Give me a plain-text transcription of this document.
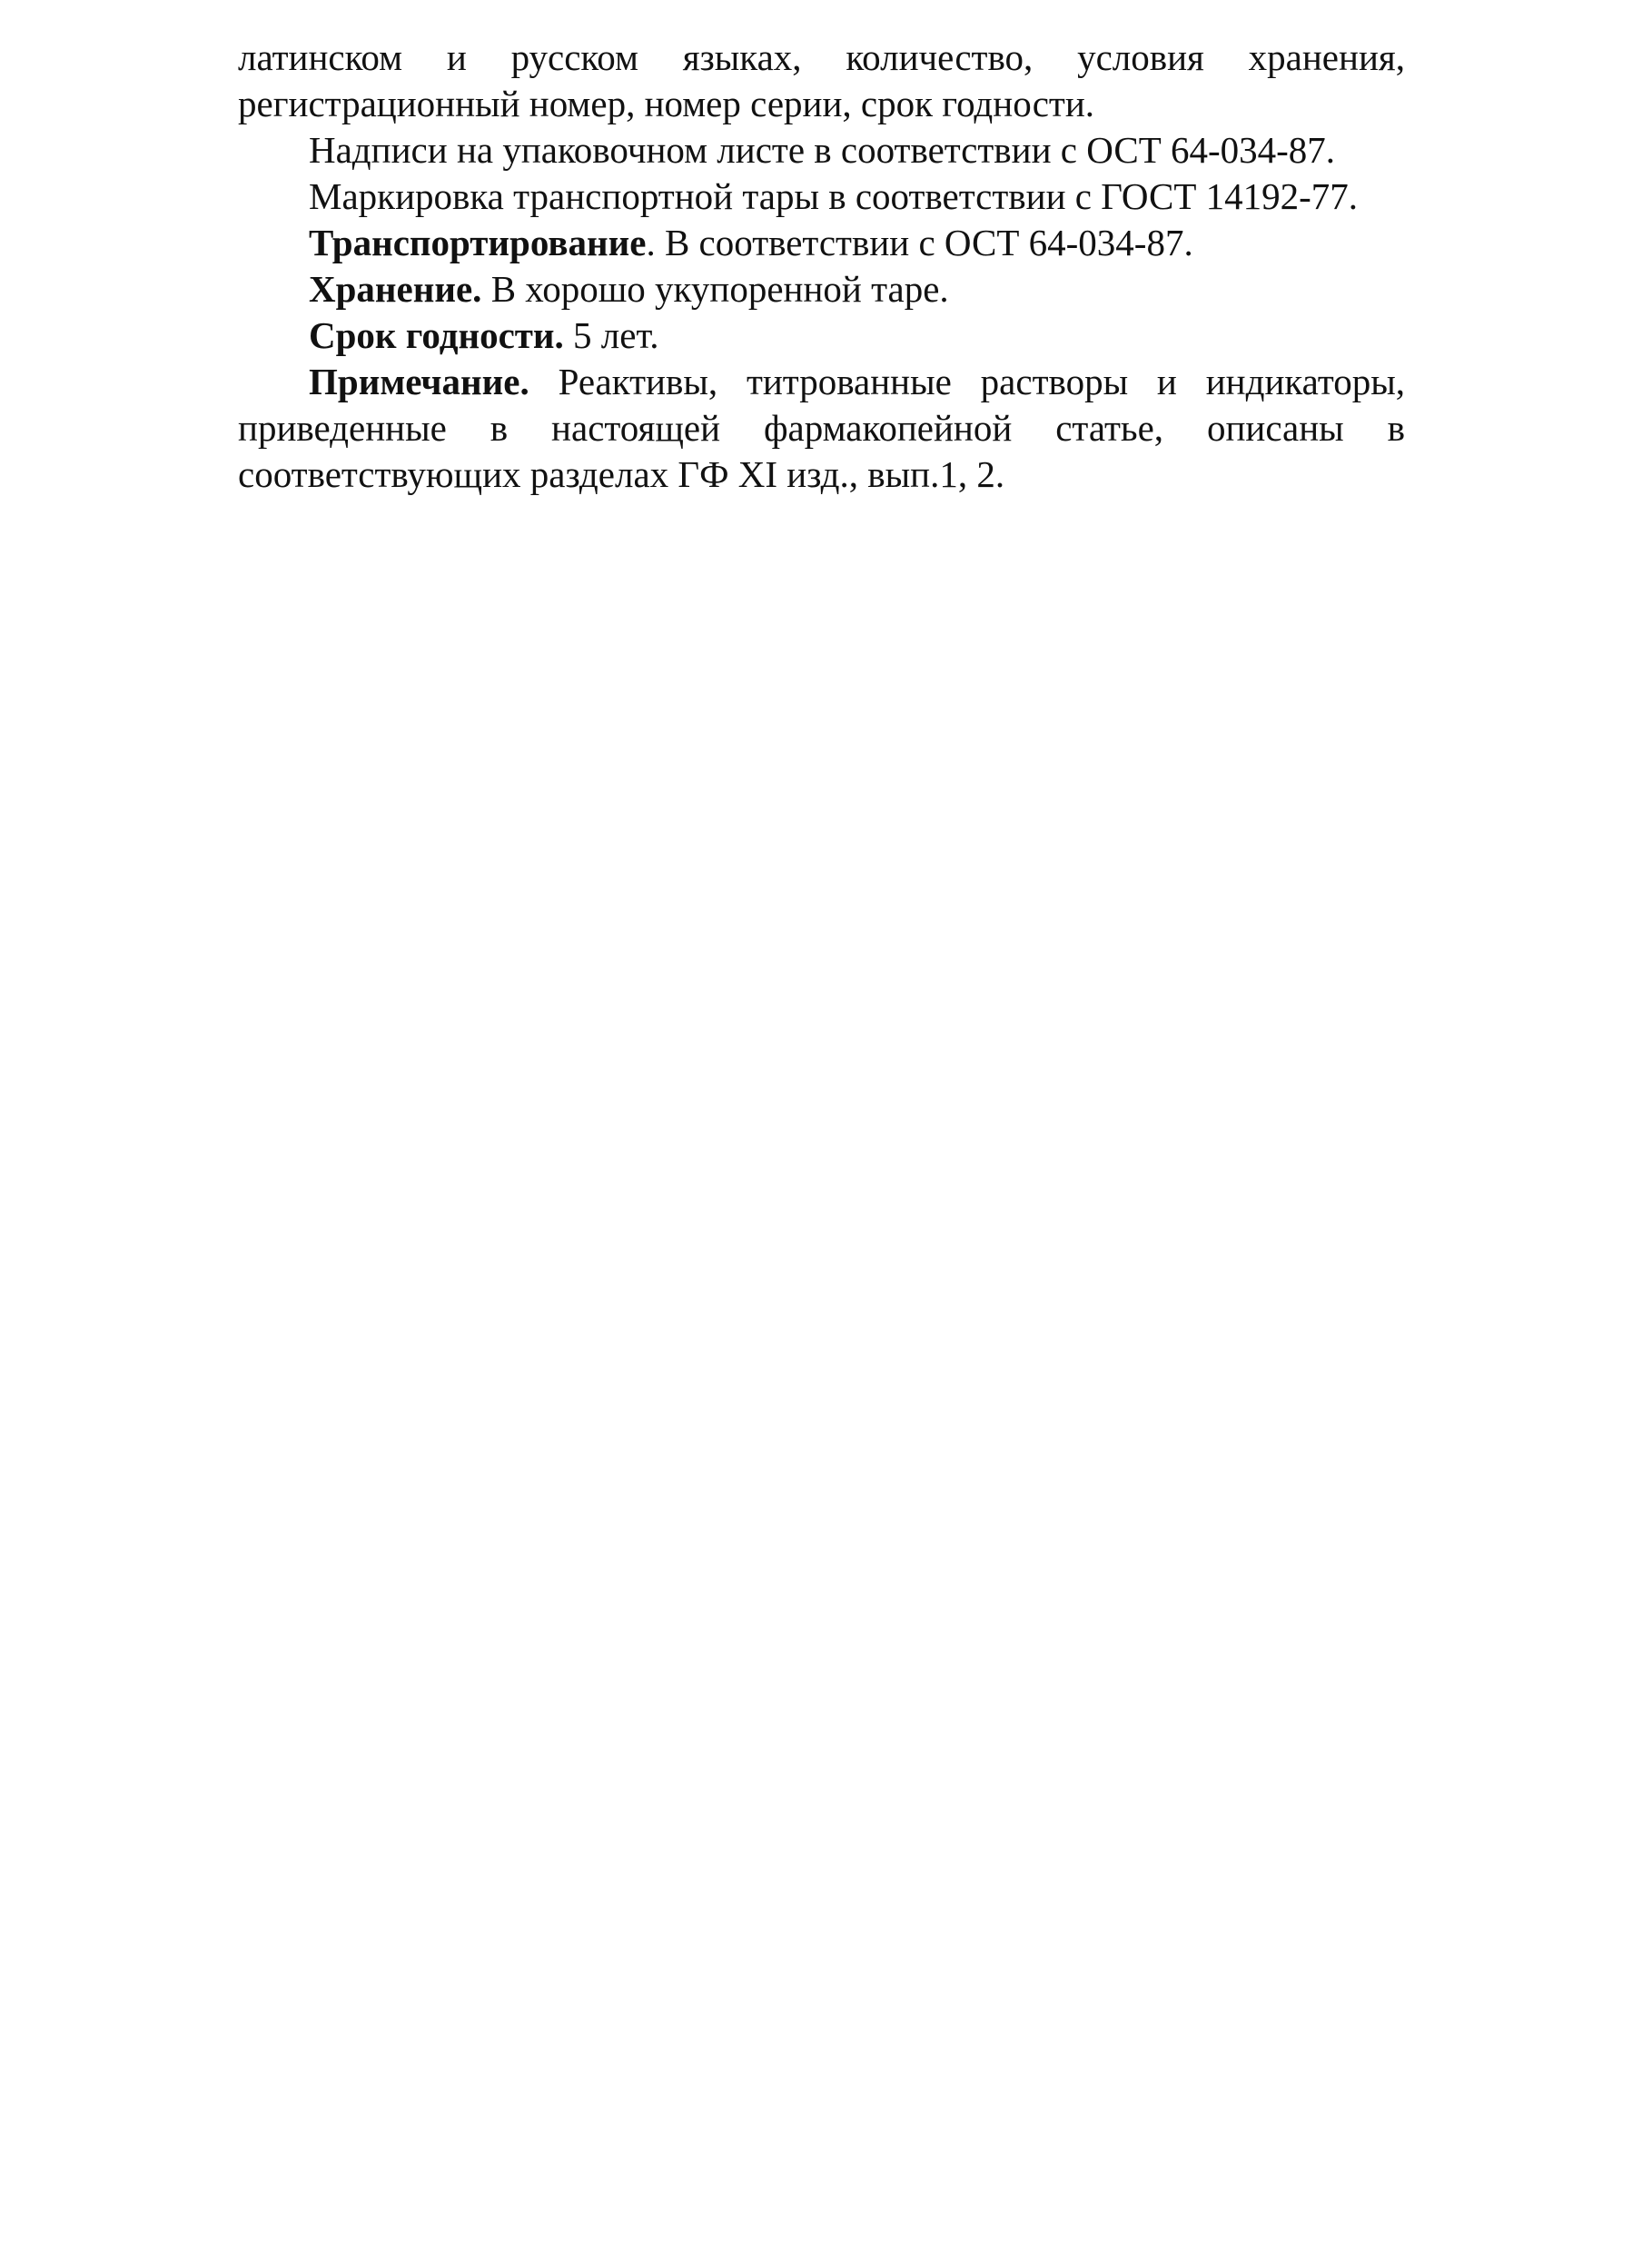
латинском и русском языках, количество, условия хранения, регистрационный номер, номер серии, срок годности.

Надписи на упаковочном листе в соответствии с ОСТ 64-034-87.

Маркировка транспортной тары в соответствии с ГОСТ 14192-77.

Транспортирование. В соответствии с ОСТ 64-034-87.

Хранение. В хорошо укупоренной таре.

Срок годности. 5 лет.

Примечание. Реактивы, титрованные растворы и индикаторы, приведенные в настоящей фармакопейной статье, описаны в соответствующих разделах ГФ XI изд., вып.1, 2.
